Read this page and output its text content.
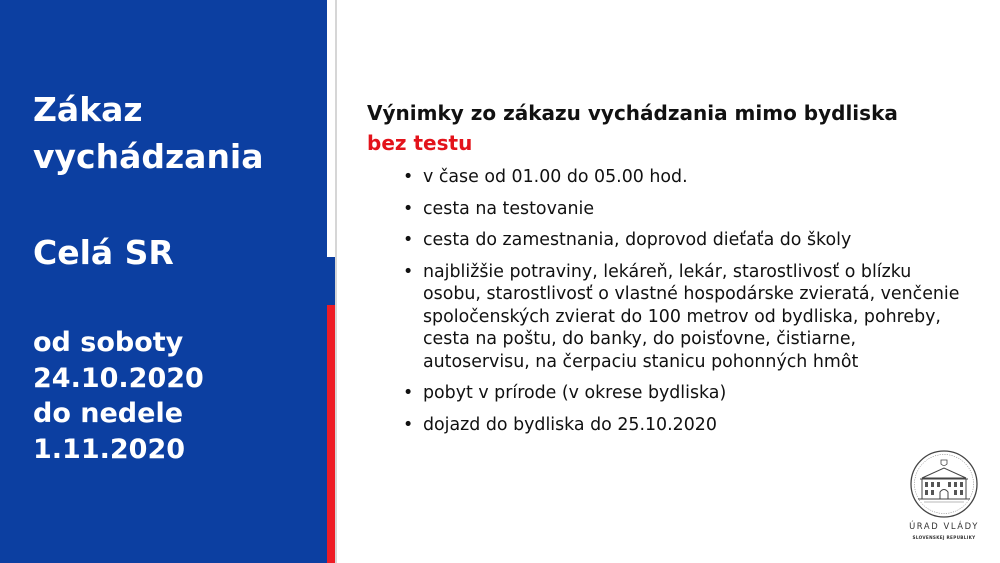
Zákaz
vychádzania
Celá SR
od soboty
24.10.2020
do nedele
1.11.2020
Výnimky zo zákazu vychádzania mimo bydliska
bez testu
• v čase od 01.00 do 05.00 hod.
• cesta na testovanie
• cesta do zamestnania, doprovod dieťaťa do školy
• najbližšie potraviny, lekáreň, lekár, starostlivosť o blízku osobu, starostlivosť o vlastné hospodárske zvieratá, venčenie spoločenských zvierat do 100 metrov od bydliska, pohreby, cesta na poštu, do banky, do poisťovne, čistiarne, autoservisu, na čerpaciu stanicu pohonných hmôt
• pobyt v prírode (v okrese bydliska)
• dojazd do bydliska do 25.10.2020
ÚRAD VLÁDY
SLOVENSKEJ REPUBLIKY
